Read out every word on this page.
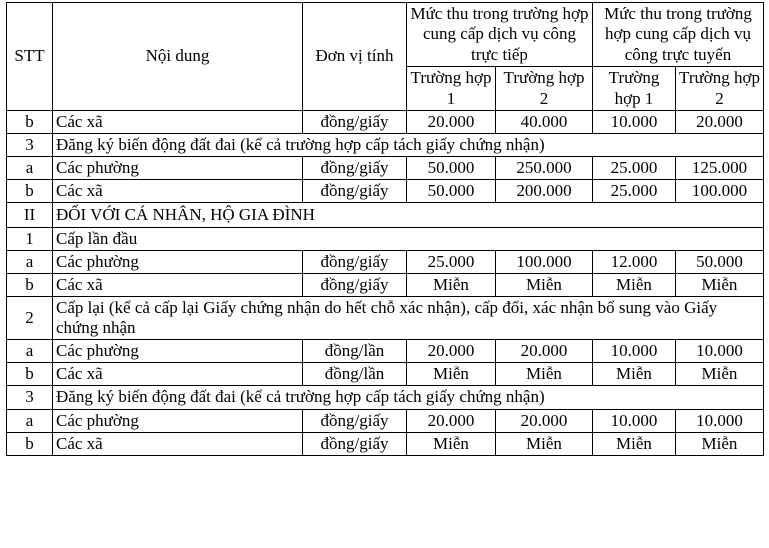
STT	Nội dung	Đơn vị tính	Mức thu trong trường hợp cung cấp dịch vụ công trực tiếp		Mức thu trong trường hợp cung cấp dịch vụ công trực tuyến	
			Trường hợp 1	Trường hợp 2	Trường hợp 1	Trường hợp 2
b	Các xã	đồng/giấy	20.000	40.000	10.000	20.000
3	Đăng ký biến động đất đai (kể cả trường hợp cấp tách giấy chứng nhận)					
a	Các phường	đồng/giấy	50.000	250.000	25.000	125.000
b	Các xã	đồng/giấy	50.000	200.000	25.000	100.000
II	ĐỐI VỚI CÁ NHÂN, HỘ GIA ĐÌNH					
1	Cấp lần đầu					
a	Các phường	đồng/giấy	25.000	100.000	12.000	50.000
b	Các xã	đồng/giấy	Miễn	Miễn	Miễn	Miễn
2	Cấp lại (kể cả cấp lại Giấy chứng nhận do hết chỗ xác nhận), cấp đổi, xác nhận bổ sung vào Giấy chứng nhận					
a	Các phường	đồng/lần	20.000	20.000	10.000	10.000
b	Các xã	đồng/lần	Miễn	Miễn	Miễn	Miễn
3	Đăng ký biến động đất đai (kể cả trường hợp cấp tách giấy chứng nhận)					
a	Các phường	đồng/giấy	20.000	20.000	10.000	10.000
b	Các xã	đồng/giấy	Miễn	Miễn	Miễn	Miễn
